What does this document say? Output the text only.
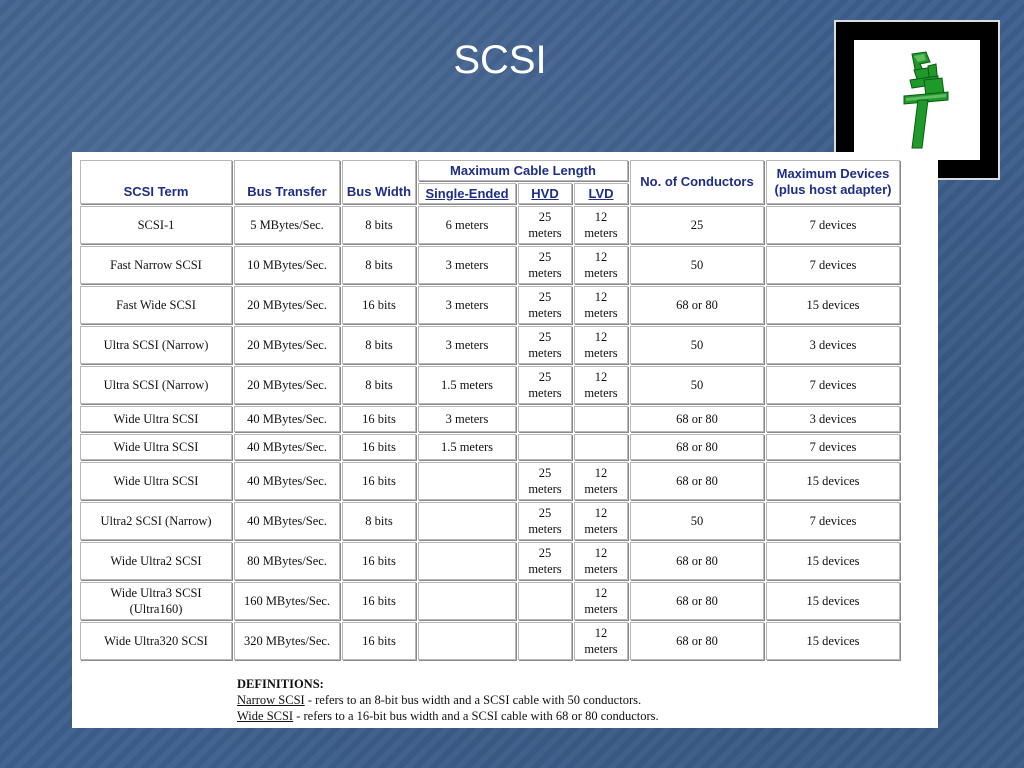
SCSI
SCSI Term	Bus Transfer	Bus Width	Maximum Cable Length			No. of Conductors	Maximum Devices
(plus host adapter)
			Single-Ended	HVD	LVD		
SCSI-1	5 MBytes/Sec.	8 bits	6 meters	25
meters	12
meters	25	7 devices
Fast Narrow SCSI	10 MBytes/Sec.	8 bits	3 meters	25
meters	12
meters	50	7 devices
Fast Wide SCSI	20 MBytes/Sec.	16 bits	3 meters	25
meters	12
meters	68 or 80	15 devices
Ultra SCSI (Narrow)	20 MBytes/Sec.	8 bits	3 meters	25
meters	12
meters	50	3 devices
Ultra SCSI (Narrow)	20 MBytes/Sec.	8 bits	1.5 meters	25
meters	12
meters	50	7 devices
Wide Ultra SCSI	40 MBytes/Sec.	16 bits	3 meters			68 or 80	3 devices
Wide Ultra SCSI	40 MBytes/Sec.	16 bits	1.5 meters			68 or 80	7 devices
Wide Ultra SCSI	40 MBytes/Sec.	16 bits		25
meters	12
meters	68 or 80	15 devices
Ultra2 SCSI (Narrow)	40 MBytes/Sec.	8 bits		25
meters	12
meters	50	7 devices
Wide Ultra2 SCSI	80 MBytes/Sec.	16 bits		25
meters	12
meters	68 or 80	15 devices
Wide Ultra3 SCSI
(Ultra160)	160 MBytes/Sec.	16 bits			12
meters	68 or 80	15 devices
Wide Ultra320 SCSI	320 MBytes/Sec.	16 bits			12
meters	68 or 80	15 devices
DEFINITIONS:
Narrow SCSI - refers to an 8-bit bus width and a SCSI cable with 50 conductors.
Wide SCSI - refers to a 16-bit bus width and a SCSI cable with 68 or 80 conductors.
